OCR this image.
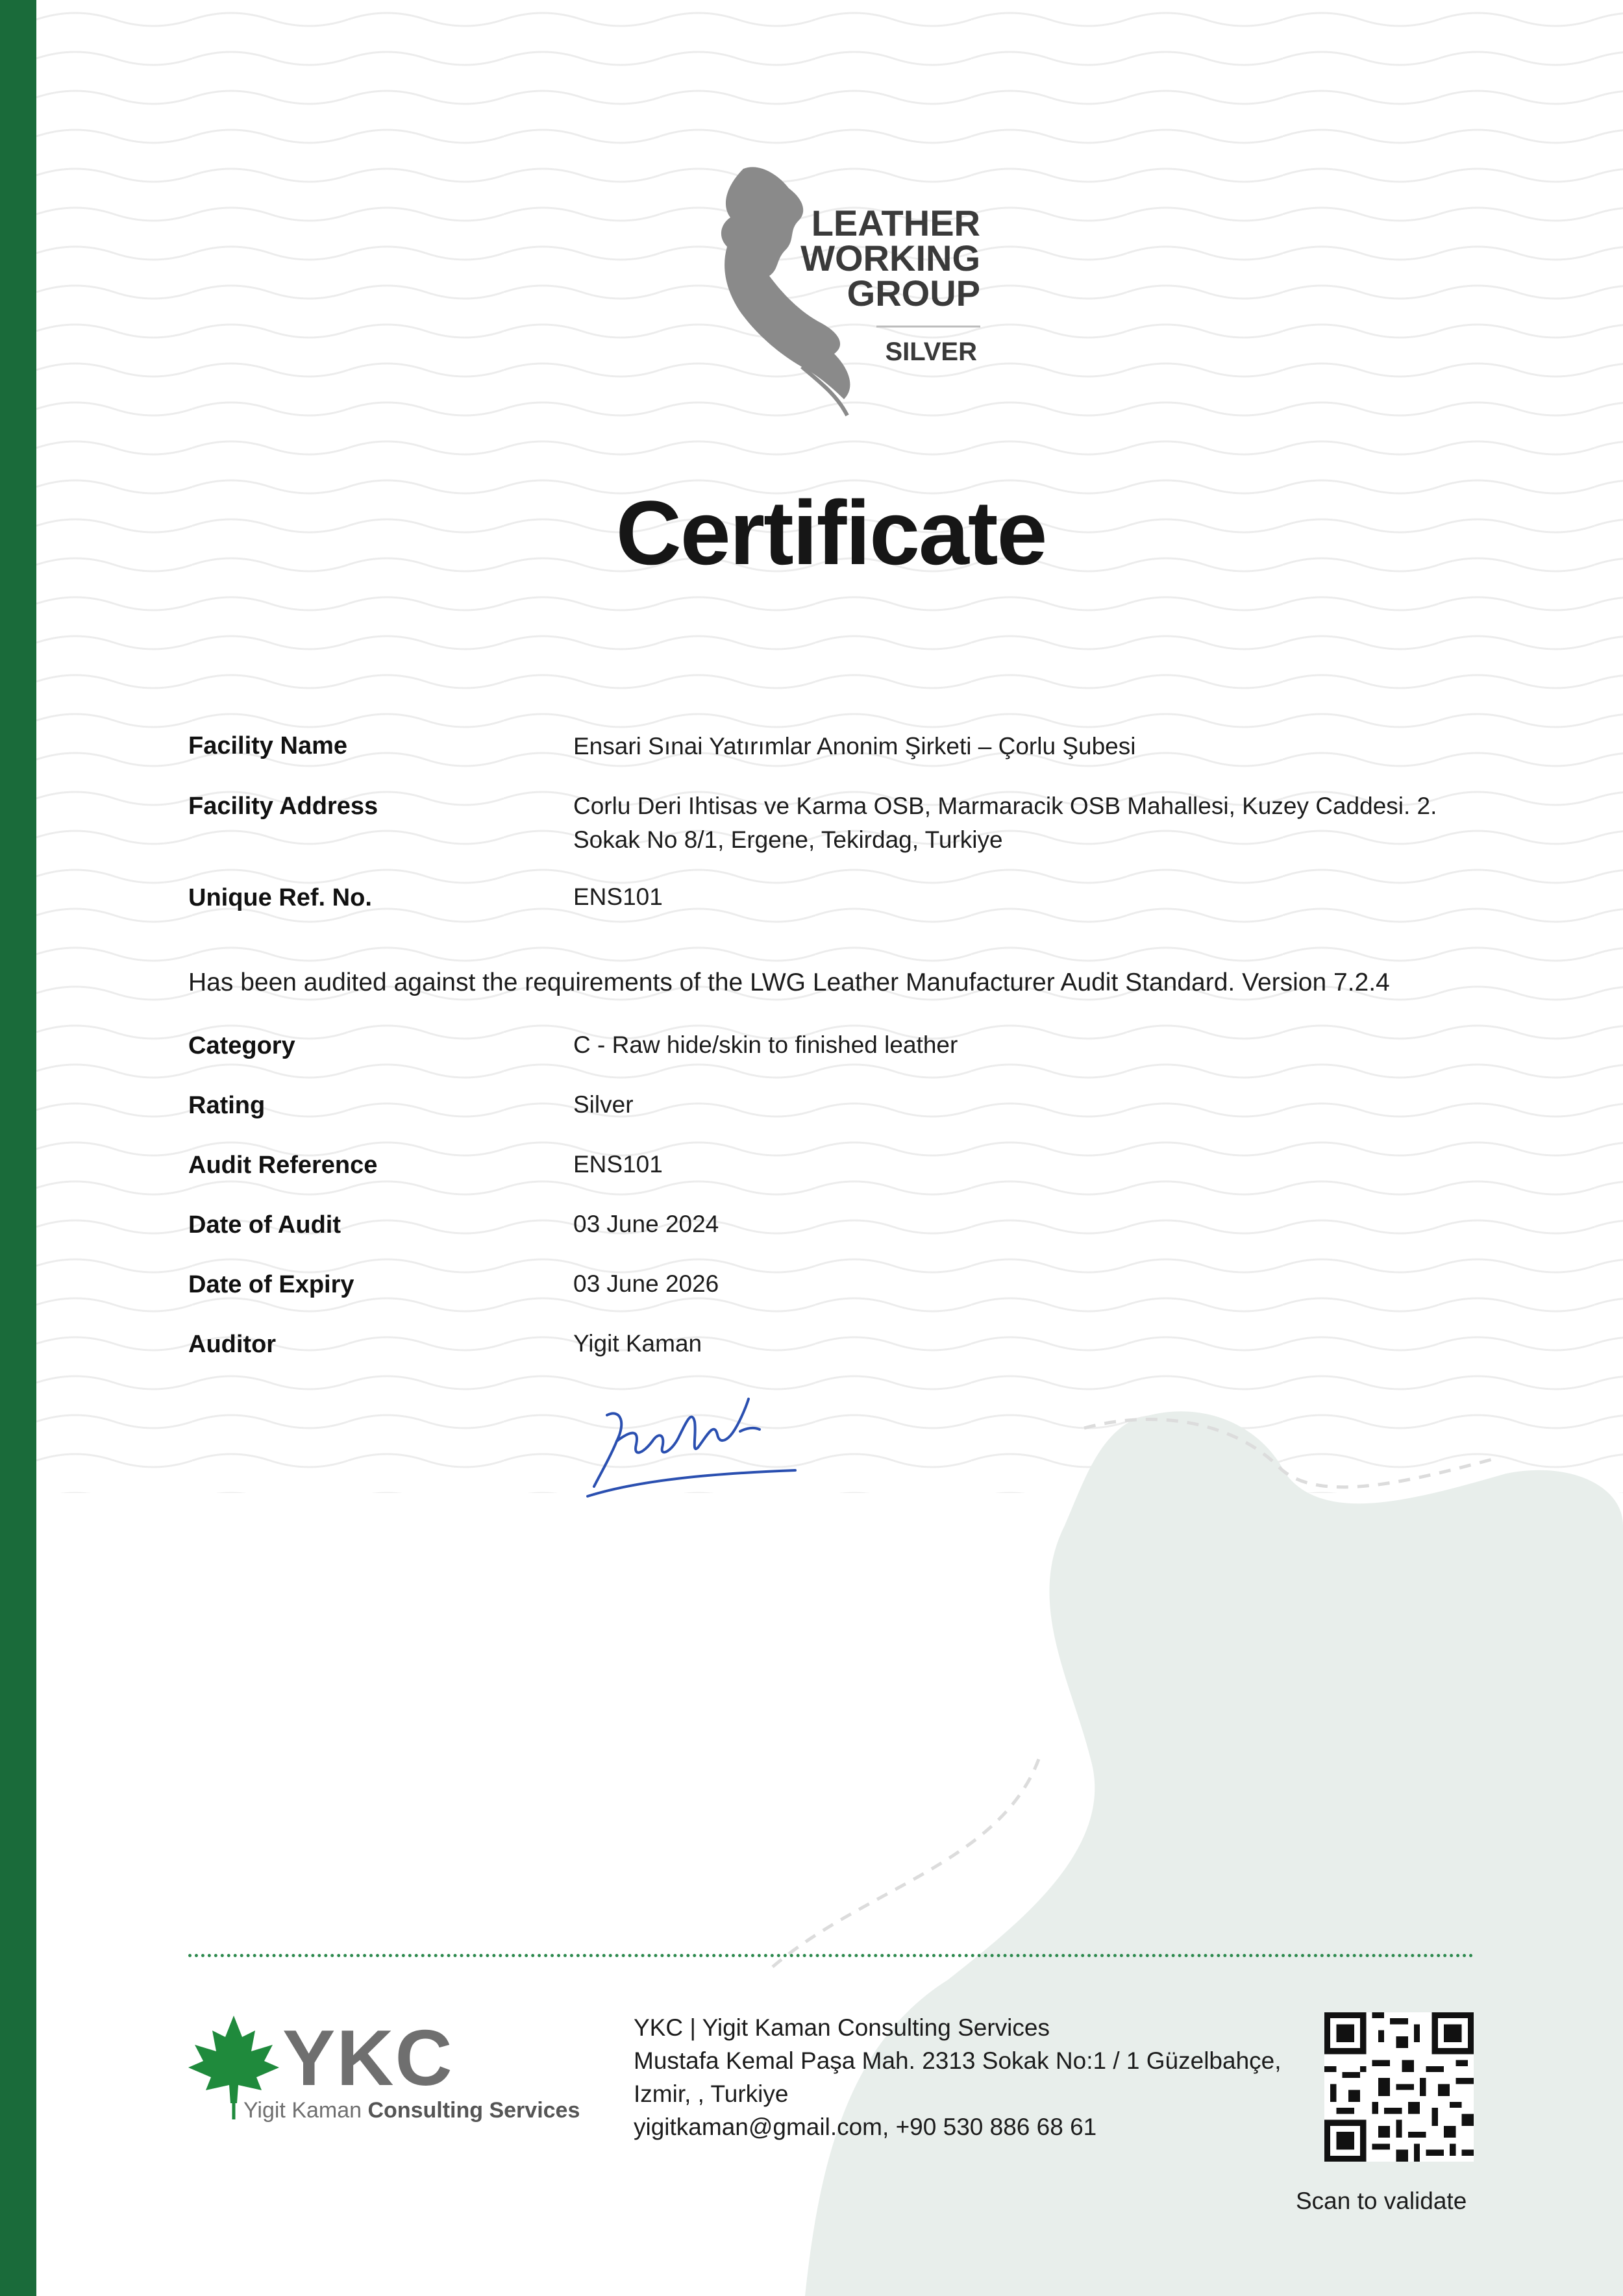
LEATHER
WORKING
GROUP
SILVER
Certificate
Facility Name	Ensari Sınai Yatırımlar Anonim Şirketi – Çorlu Şubesi
Facility Address	Corlu Deri Ihtisas ve Karma OSB, Marmaracik OSB Mahallesi, Kuzey Caddesi. 2.
Sokak No 8/1, Ergene, Tekirdag, Turkiye
Unique Ref. No.	ENS101
Has been audited against the requirements of the LWG Leather Manufacturer Audit Standard. Version 7.2.4
Category	C - Raw hide/skin to finished leather
Rating	Silver
Audit Reference	ENS101
Date of Audit	03 June 2024
Date of Expiry	03 June 2026
Auditor	Yigit Kaman
YKC
Yigit Kaman Consulting Services
YKC | Yigit Kaman Consulting Services
Mustafa Kemal Paşa Mah. 2313 Sokak No:1 / 1 Güzelbahçe,
Izmir, , Turkiye
yigitkaman@gmail.com, +90 530 886 68 61
Scan to validate
